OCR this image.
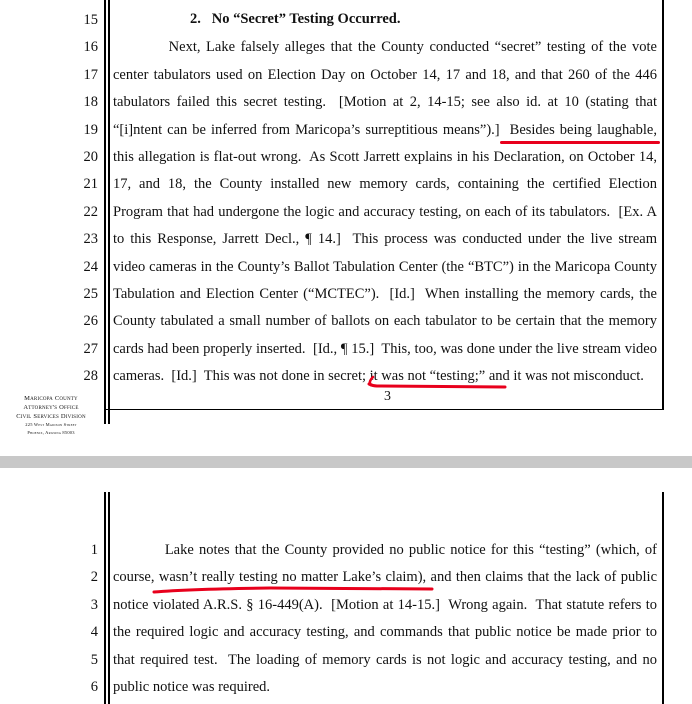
2.   No “Secret” Testing Occurred.
15
16 Next, Lake falsely alleges that the County conducted “secret” testing of the vote
17 center tabulators used on Election Day on October 14, 17 and 18, and that 260 of the 446
18 tabulators failed this secret testing.  [Motion at 2, 14-15; see also id. at 10 (stating that
19 “[i]ntent can be inferred from Maricopa’s surreptitious means”).]  Besides being laughable,
20 this allegation is flat-out wrong.  As Scott Jarrett explains in his Declaration, on October 14,
21 17, and 18, the County installed new memory cards, containing the certified Election
22 Program that had undergone the logic and accuracy testing, on each of its tabulators.  [Ex. A
23 to this Response, Jarrett Decl., ¶ 14.]  This process was conducted under the live stream
24 video cameras in the County’s Ballot Tabulation Center (the “BTC”) in the Maricopa County
25 Tabulation and Election Center (“MCTEC”).  [Id.]  When installing the memory cards, the
26 County tabulated a small number of ballots on each tabulator to be certain that the memory
27 cards had been properly inserted.  [Id., ¶ 15.]  This, too, was done under the live stream video
28 cameras.  [Id.]  This was not done in secret; it was not “testing;” and it was not misconduct.
3
Maricopa County
Attorney's Office
Civil Services Division
225 West Madison Street
Phoenix, Arizona 85003
1 Lake notes that the County provided no public notice for this “testing” (which, of
2 course, wasn’t really testing no matter Lake’s claim), and then claims that the lack of public
3 notice violated A.R.S. § 16-449(A).  [Motion at 14-15.]  Wrong again.  That statute refers to
4 the required logic and accuracy testing, and commands that public notice be made prior to
5 that required test.  The loading of memory cards is not logic and accuracy testing, and no
6 public notice was required.
